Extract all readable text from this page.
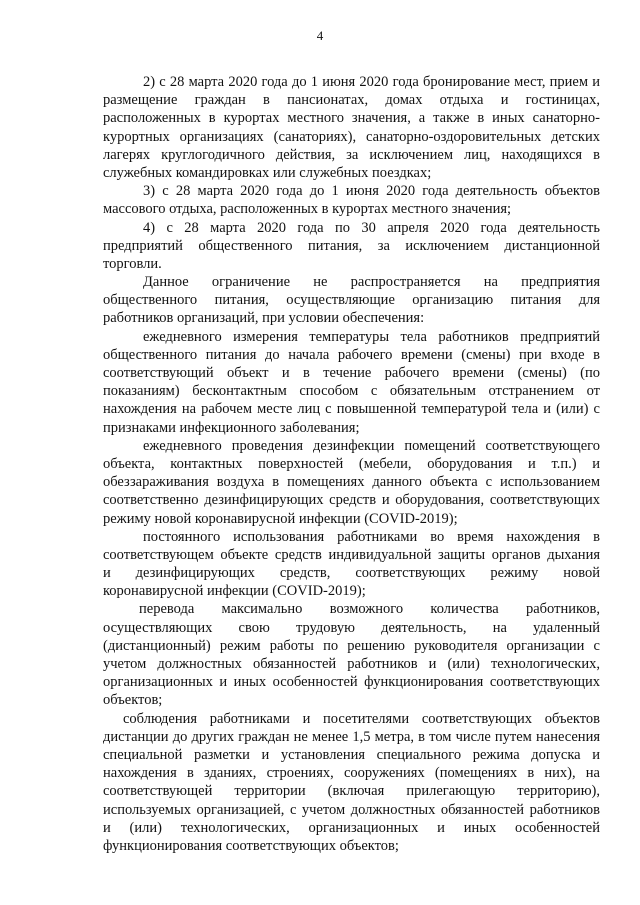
4
2) с 28 марта 2020 года до 1 июня 2020 года бронирование мест, прием и
размещение граждан в пансионатах, домах отдыха и гостиницах,
расположенных в курортах местного значения, а также в иных санаторно-
курортных организациях (санаториях), санаторно-оздоровительных детских
лагерях круглогодичного действия, за исключением лиц, находящихся в
служебных командировках или служебных поездках;
3) с 28 марта 2020 года до 1 июня 2020 года деятельность объектов
массового отдыха, расположенных в курортах местного значения;
4) с 28 марта 2020 года по 30 апреля 2020 года деятельность
предприятий общественного питания, за исключением дистанционной
торговли.
Данное ограничение не распространяется на предприятия
общественного питания, осуществляющие организацию питания для
работников организаций, при условии обеспечения:
ежедневного измерения температуры тела работников предприятий
общественного питания до начала рабочего времени (смены) при входе в
соответствующий объект и в течение рабочего времени (смены) (по
показаниям) бесконтактным способом с обязательным отстранением от
нахождения на рабочем месте лиц с повышенной температурой тела и (или) с
признаками инфекционного заболевания;
ежедневного проведения дезинфекции помещений соответствующего
объекта, контактных поверхностей (мебели, оборудования и т.п.) и
обеззараживания воздуха в помещениях данного объекта с использованием
соответственно дезинфицирующих средств и оборудования, соответствующих
режиму новой коронавирусной инфекции (COVID-2019);
постоянного использования работниками во время нахождения в
соответствующем объекте средств индивидуальной защиты органов дыхания
и дезинфицирующих средств, соответствующих режиму новой
коронавирусной инфекции (COVID-2019);
перевода максимально возможного количества работников,
осуществляющих свою трудовую деятельность, на удаленный
(дистанционный) режим работы по решению руководителя организации с
учетом должностных обязанностей работников и (или) технологических,
организационных и иных особенностей функционирования соответствующих
объектов;
соблюдения работниками и посетителями соответствующих объектов
дистанции до других граждан не менее 1,5 метра, в том числе путем нанесения
специальной разметки и установления специального режима допуска и
нахождения в зданиях, строениях, сооружениях (помещениях в них), на
соответствующей территории (включая прилегающую территорию),
используемых организацией, с учетом должностных обязанностей работников
и (или) технологических, организационных и иных особенностей
функционирования соответствующих объектов;
